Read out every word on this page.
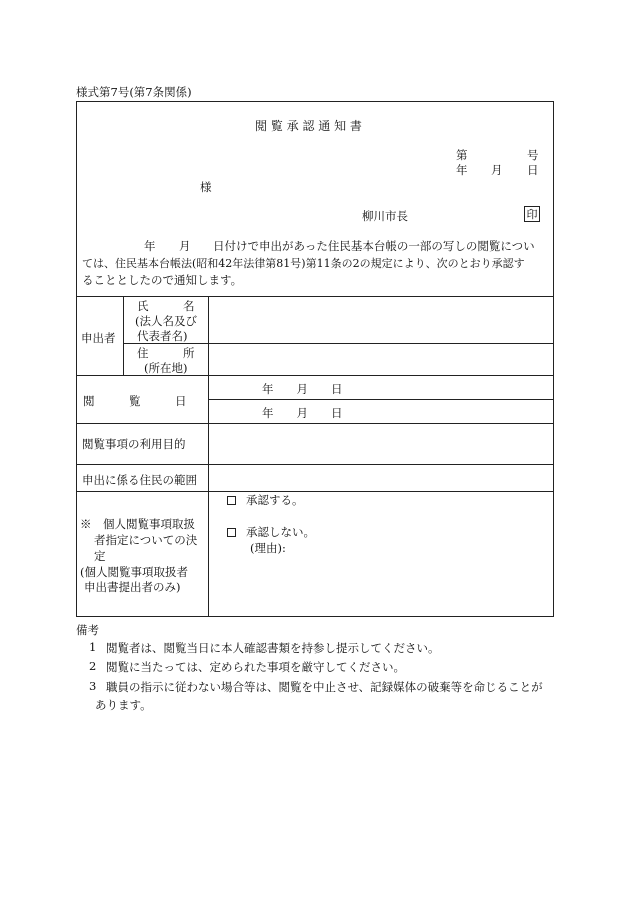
様式第7号(第7条関係)
閲 覧 承 認 通 知 書
第	号
年 月 日
様
柳川市長	印
年 月 日付けで申出があった住民基本台帳の一部の写しの閲覧につい
ては、住民基本台帳法(昭和42年法律第81号)第11条の2の規定により、次のとおり承認す
ることとしたので通知します。
申出者
氏　　　名
(法人名及び
代表者名)
住　　　所
(所在地)
閲　　　覧　　　日
年　　月　　日
年　　月　　日
閲覧事項の利用目的
申出に係る住民の範囲
※　個人閲覧事項取扱
者指定についての決
定
(個人閲覧事項取扱者
申出書提出者のみ)
承認する。
承認しない。
(理由):
備考
1 閲覧者は、閲覧当日に本人確認書類を持参し提示してください。
2 閲覧に当たっては、定められた事項を厳守してください。
3 職員の指示に従わない場合等は、閲覧を中止させ、記録媒体の破棄等を命じることが
あります。
